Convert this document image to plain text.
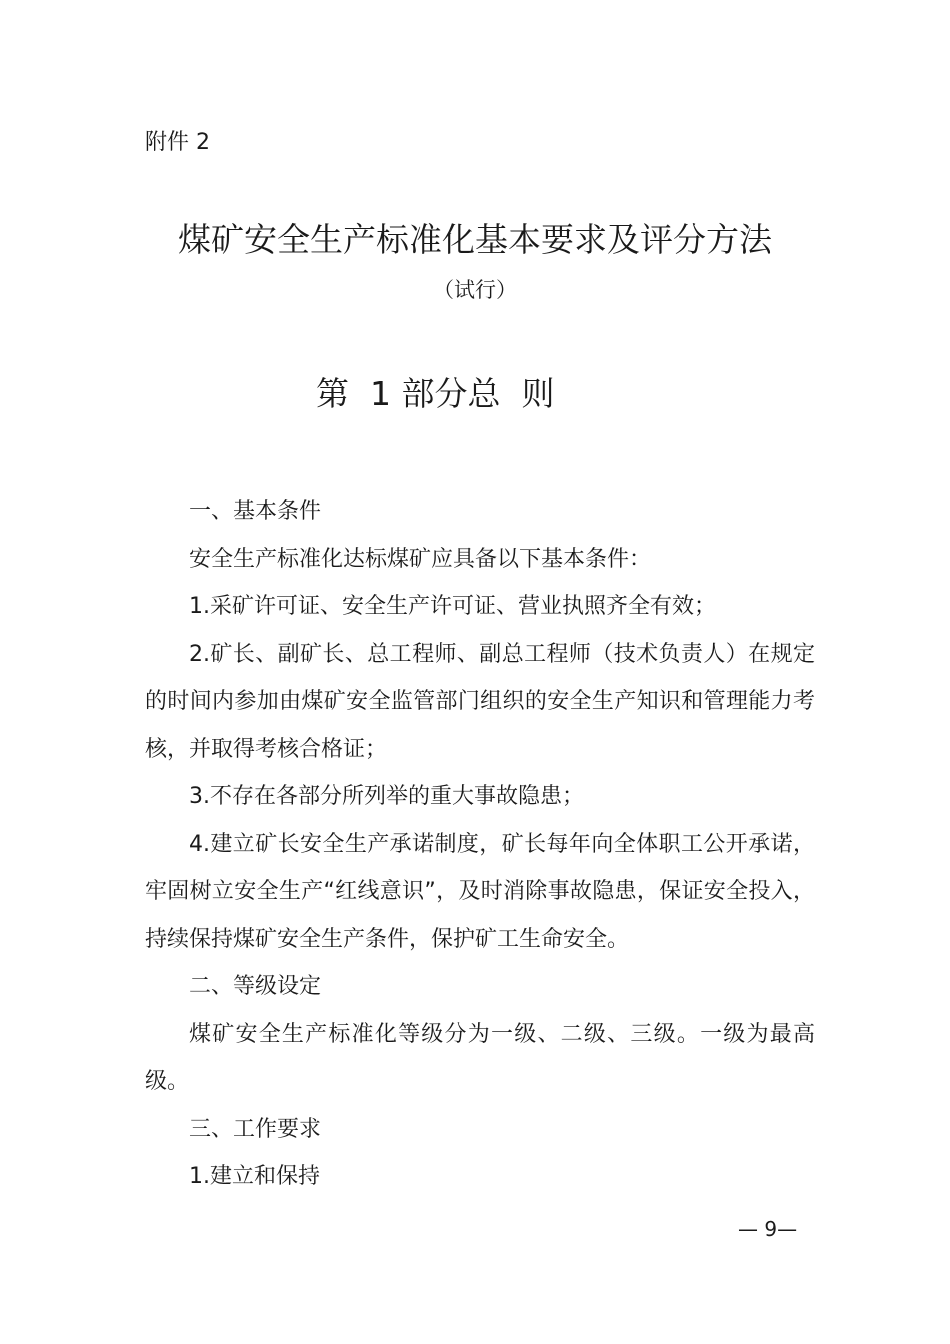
附件 2
煤矿安全生产标准化基本要求及评分方法
（试行）
第  1 部分总  则

一、基本条件

安全生产标准化达标煤矿应具备以下基本条件：

1.采矿许可证、安全生产许可证、营业执照齐全有效；

2.矿长、副矿长、总工程师、副总工程师（技术负责人）在规定的时间内参加由煤矿安全监管部门组织的安全生产知识和管理能力考核，并取得考核合格证；

3.不存在各部分所列举的重大事故隐患；

4.建立矿长安全生产承诺制度，矿长每年向全体职工公开承诺，牢固树立安全生产“红线意识”，及时消除事故隐患，保证安全投入，持续保持煤矿安全生产条件，保护矿工生命安全。

二、等级设定

煤矿安全生产标准化等级分为一级、二级、三级。一级为最高级。

三、工作要求

1.建立和保持

— 9—
